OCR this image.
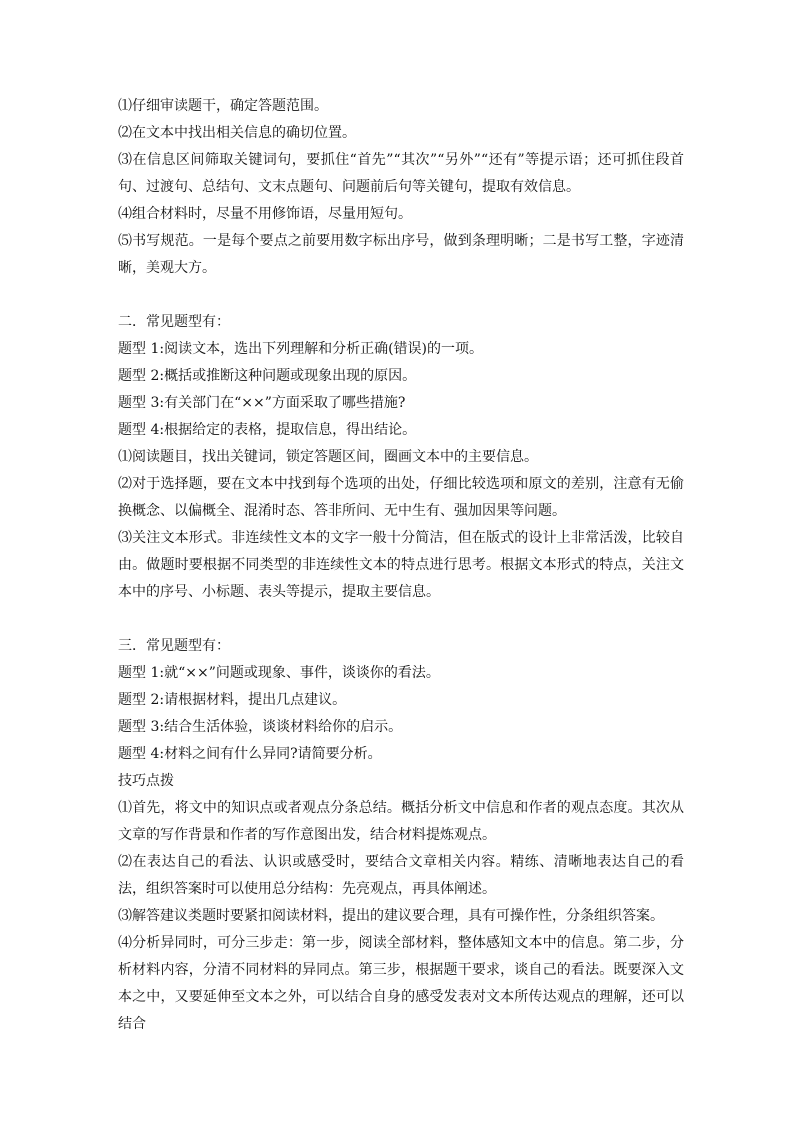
⑴仔细审读题干，确定答题范围。

⑵在文本中找出相关信息的确切位置。

⑶在信息区间筛取关键词句，要抓住“首先”“其次”“另外”“还有”等提示语；还可抓住段首句、过渡句、总结句、文末点题句、问题前后句等关键句，提取有效信息。

⑷组合材料时，尽量不用修饰语，尽量用短句。

⑸书写规范。一是每个要点之前要用数字标出序号，做到条理明晰；二是书写工整，字迹清晰，美观大方。

二．常见题型有：

题型 1:阅读文本，选出下列理解和分析正确(错误)的一项。

题型 2:概括或推断这种问题或现象出现的原因。

题型 3:有关部门在“××”方面采取了哪些措施?

题型 4:根据给定的表格，提取信息，得出结论。

⑴阅读题目，找出关键词，锁定答题区间，圈画文本中的主要信息。

⑵对于选择题，要在文本中找到每个选项的出处，仔细比较选项和原文的差别，注意有无偷换概念、以偏概全、混淆时态、答非所问、无中生有、强加因果等问题。

⑶关注文本形式。非连续性文本的文字一般十分简洁，但在版式的设计上非常活泼，比较自由。做题时要根据不同类型的非连续性文本的特点进行思考。根据文本形式的特点，关注文本中的序号、小标题、表头等提示，提取主要信息。

三．常见题型有：

题型 1:就“××”问题或现象、事件，谈谈你的看法。

题型 2:请根据材料，提出几点建议。

题型 3:结合生活体验，谈谈材料给你的启示。

题型 4:材料之间有什么异同?请简要分析。

技巧点拨

⑴首先，将文中的知识点或者观点分条总结。概括分析文中信息和作者的观点态度。其次从文章的写作背景和作者的写作意图出发，结合材料提炼观点。

⑵在表达自己的看法、认识或感受时，要结合文章相关内容。精练、清晰地表达自己的看法，组织答案时可以使用总分结构：先亮观点，再具体阐述。

⑶解答建议类题时要紧扣阅读材料，提出的建议要合理，具有可操作性，分条组织答案。

⑷分析异同时，可分三步走：第一步，阅读全部材料，整体感知文本中的信息。第二步，分析材料内容，分清不同材料的异同点。第三步，根据题干要求，谈自己的看法。既要深入文本之中，又要延伸至文本之外，可以结合自身的感受发表对文本所传达观点的理解，还可以结合
